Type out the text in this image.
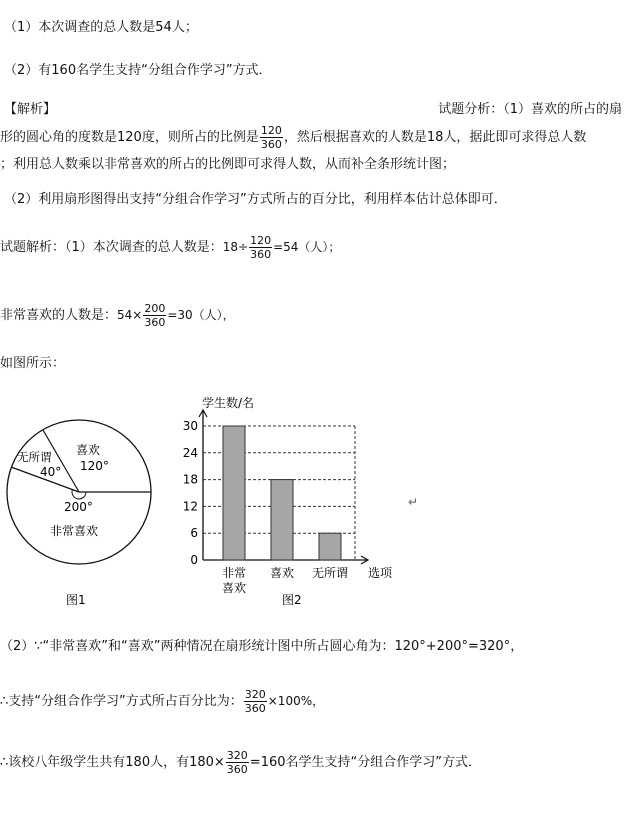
（1）本次调查的总人数是54人；
（2）有160名学生支持“分组合作学习”方式．
【解析】	试题分析：（1）喜欢的所占的扇
形的圆心角的度数是120度，则所占的比例是 $\frac{120}{360}$ ，然后根据喜欢的人数是18人，据此即可求得总人数
；利用总人数乘以非常喜欢的所占的比例即可求得人数，从而补全条形统计图；
（2）利用扇形图得出支持“分组合作学习”方式所占的百分比，利用样本估计总体即可．
试题解析：（1）本次调查的总人数是：$18\div \frac{120}{360} =54$（人）；
非常喜欢的人数是：$54\times \frac{200}{360} =30$（人），
如图所示：
喜欢
120°
无所谓
40°
200°
非常喜欢
图1
学生数/名
选项
图2
0
6
12
18
24
30
非常
喜欢
喜欢 无所谓
↵
（2）∵“非常喜欢”和“喜欢”两种情况在扇形统计图中所占圆心角为：120°+200°=320°，
∴支持“分组合作学习”方式所占百分比为： $\frac{320}{360} \times 100\%$，
∴该校八年级学生共有180人，有$180\times \frac{320}{360} =160$名学生支持“分组合作学习”方式．
